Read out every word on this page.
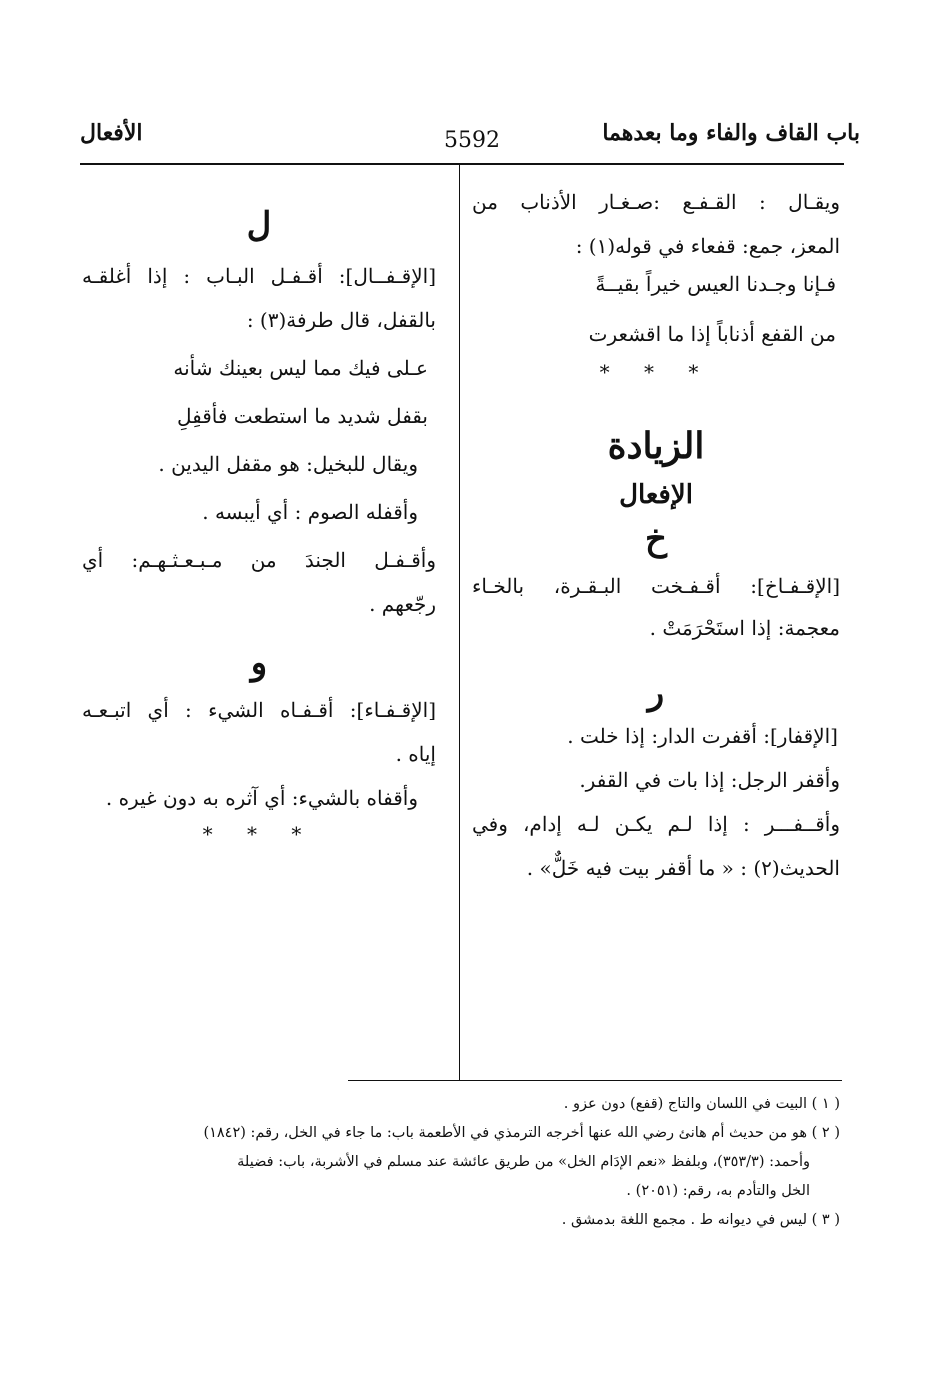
باب القاف والفاء وما بعدهما
5592
الأفعال
ويقـال : القـفـع :صـغـار الأذناب من
المعز، جمع: قفعاء في قوله(١) :
فـإنا وجـدنا العيس خيراً بقيــةً
من القفع أذناباً إذا ما اقشعرت
* * *
الزيادة
الإفعال
خ
[الإقـفـاخ]: أقـفـخت البـقـرة، بالخـاء
معجمة: إذا استَحْرَمَتْ .
ر
[الإقفار]: أقفرت الدار: إذا خلت .
وأقفر الرجل: إذا بات في القفر.
وأقــفـــر : إذا لـم يكـن لـه إدام، وفي
الحديث(٢) : « ما أقفر بيت فيه خَلٌّ» .
ل
[الإقـفــال]: أقـفـل البـاب : إذا أغلقـه
بالقفل، قال طرفة(٣) :
عـلى فيك مما ليس بعينك شأنه
بقفل شديد ما استطعت فأقفِلِ
ويقال للبخيل: هو مقفل اليدين .
وأقفله الصوم : أي أيبسه .
وأقـفـل الجندَ من مـبـعـثـهـم: أي
رجّعهم .
و
[الإقـفـاء]: أقـفـاه الشيء : أي اتبـعـه
إياه .
وأقفاه بالشيء: أي آثره به دون غيره .
* * *
( ١ ) البيت في اللسان والتاج (قفع) دون عزو .
( ٢ ) هو من حديث أم هانئ رضي الله عنها أخرجه الترمذي في الأطعمة باب: ما جاء في الخل، رقم: (١٨٤٢)
وأحمد: (٣٥٣/٣)، وبلفظ «نعم الإدَام الخل» من طريق عائشة عند مسلم في الأشربة، باب: فضيلة
الخل والتأدم به، رقم: (٢٠٥١) .
( ٣ ) ليس في ديوانه ط . مجمع اللغة بدمشق .
